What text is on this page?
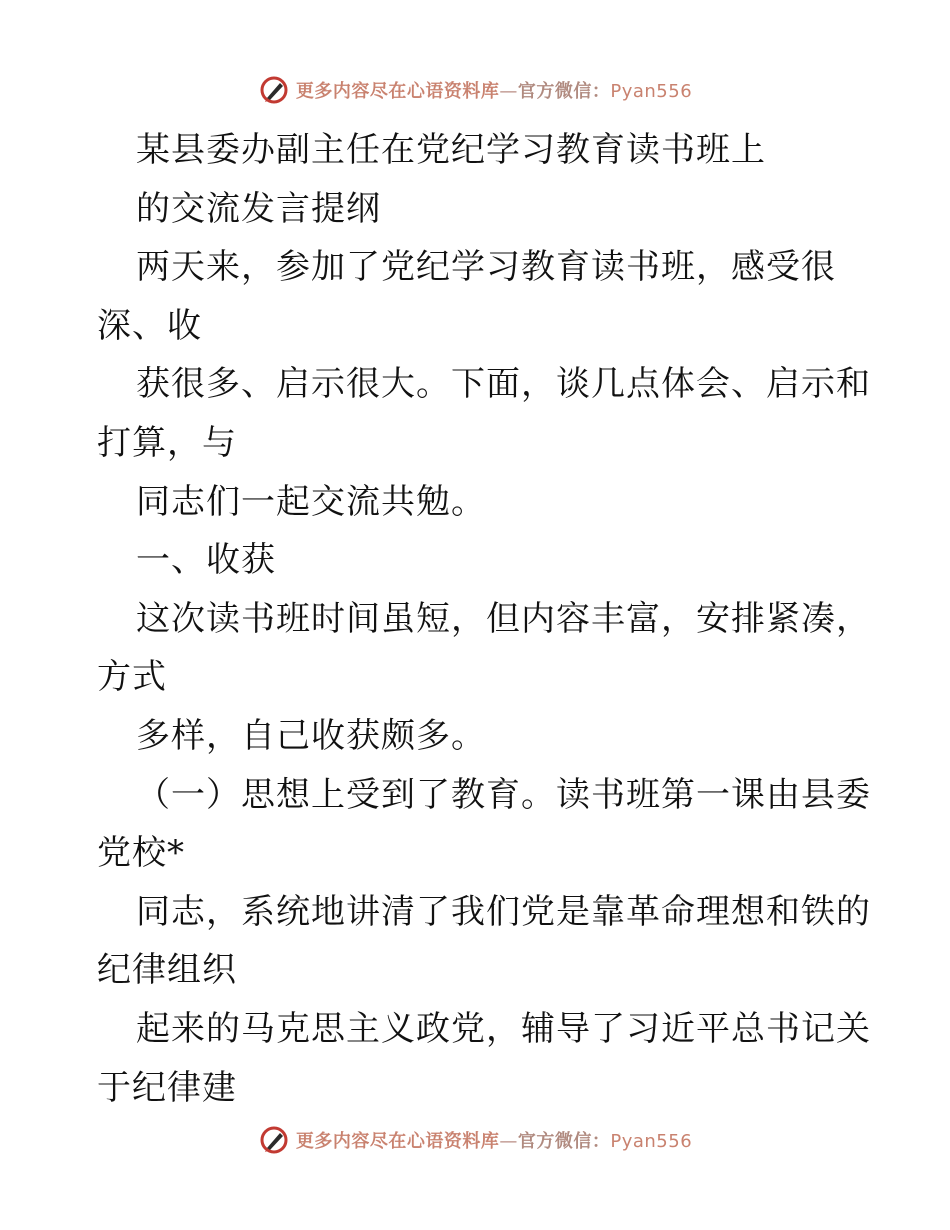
更多内容尽在心语资料库—官方微信：Pyan556
某县委办副主任在党纪学习教育读书班上
的交流发言提纲
两天来，参加了党纪学习教育读书班，感受很
深、收
获很多、启示很大。下面，谈几点体会、启示和
打算，与
同志们一起交流共勉。
一、收获
这次读书班时间虽短，但内容丰富，安排紧凑，
方式
多样，自己收获颇多。
（一）思想上受到了教育。读书班第一课由县委
党校*
同志，系统地讲清了我们党是靠革命理想和铁的
纪律组织
起来的马克思主义政党，辅导了习近平总书记关
于纪律建
更多内容尽在心语资料库—官方微信：Pyan556
